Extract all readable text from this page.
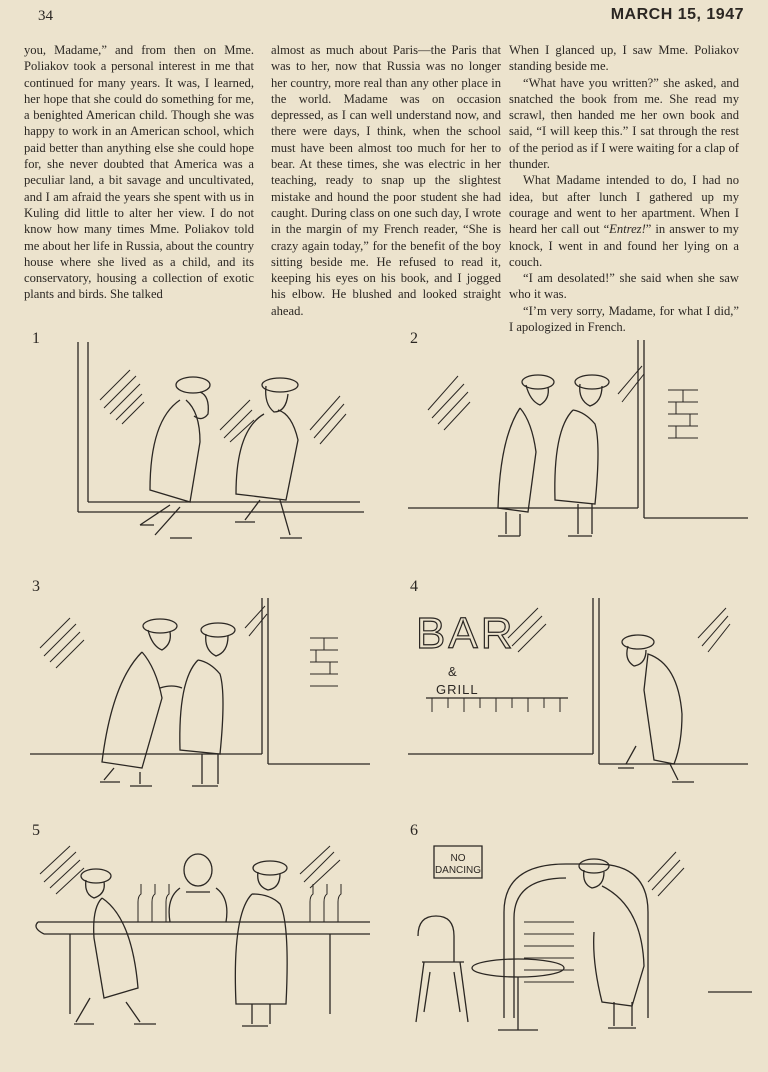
34	MARCH 15, 1947

you, Madame,” and from then on Mme. Poliakov took a personal interest in me that continued for many years. It was, I learned, her hope that she could do something for me, a benighted American child. Though she was happy to work in an American school, which paid better than anything else she could hope for, she never doubted that America was a peculiar land, a bit savage and uncultivated, and I am afraid the years she spent with us in Kuling did little to alter her view. I do not know how many times Mme. Poliakov told me about her life in Russia, about the country house where she lived as a child, and its conservatory, housing a collection of exotic plants and birds. She talked

almost as much about Paris—the Paris that was to her, now that Russia was no longer her country, more real than any other place in the world. Madame was on occasion depressed, as I can well understand now, and there were days, I think, when the school must have been almost too much for her to bear. At these times, she was electric in her teaching, ready to snap up the slightest mistake and hound the poor student she had caught. During class on one such day, I wrote in the margin of my French reader, “She is crazy again today,” for the benefit of the boy sitting beside me. He refused to read it, keeping his eyes on his book, and I jogged his elbow. He blushed and looked straight ahead.

When I glanced up, I saw Mme. Poliakov standing beside me.

“What have you written?” she asked, and snatched the book from me. She read my scrawl, then handed me her own book and said, “I will keep this.” I sat through the rest of the period as if I were waiting for a clap of thunder.

What Madame intended to do, I had no idea, but after lunch I gathered up my courage and went to her apartment. When I heard her call out “Entrez!” in answer to my knock, I went in and found her lying on a couch.

“I am desolated!” she said when she saw who it was.

“I’m very sorry, Madame, for what I did,” I apologized in French.

1	2
3	4
BAR
&
GRILL
5	6
NO
DANCING
